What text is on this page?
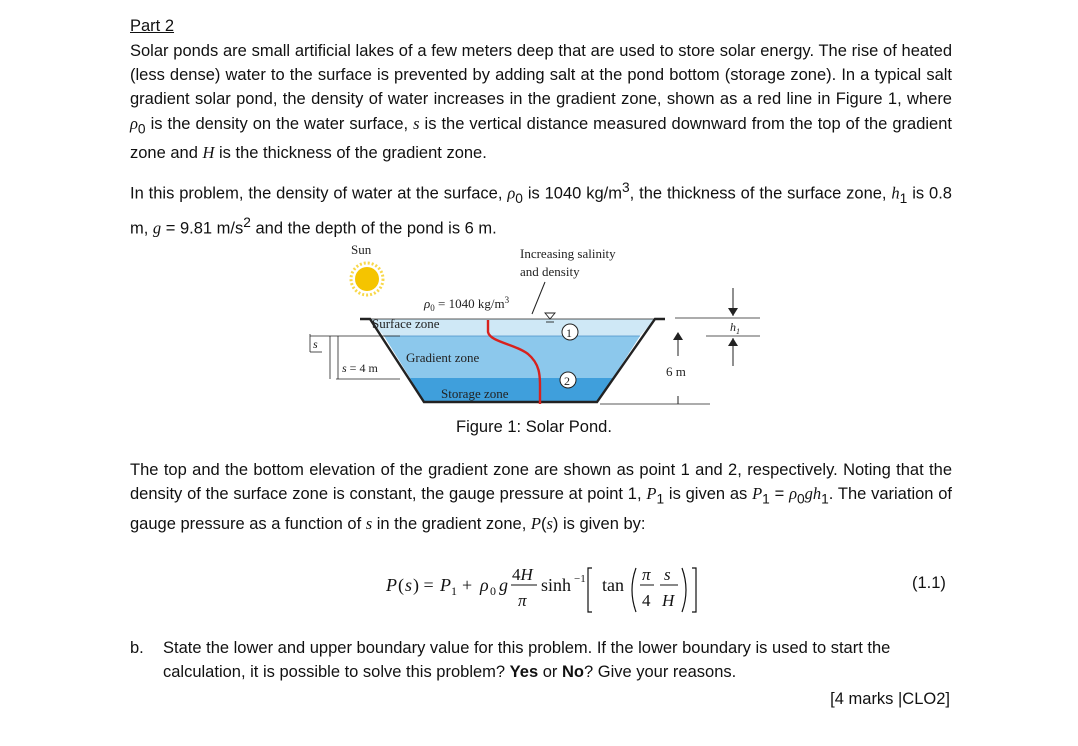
Part 2

Solar ponds are small artificial lakes of a few meters deep that are used to store solar energy. The rise of heated (less dense) water to the surface is prevented by adding salt at the pond bottom (storage zone). In a typical salt gradient solar pond, the density of water increases in the gradient zone, shown as a red line in Figure 1, where $\rho_0$ is the density on the water surface, s is the vertical distance measured downward from the top of the gradient zone and H is the thickness of the gradient zone.

In this problem, the density of water at the surface, $\rho_0$ is 1040 $kg/m^3$, the thickness of the surface zone, $h_1$ is 0.8 m, g = 9.81 $m/s^2$ and the depth of the pond is 6 m.

Sun	Increasing salinity
and density
$\rho_0 = 1040$ $kg/m^3$
Surface zone
Gradient zone
Storage zone
1
2
s
s = 4 m
$h_1$
6 m
Figure 1: Solar Pond.

The top and the bottom elevation of the gradient zone are shown as point 1 and 2, respectively. Noting that the density of the surface zone is constant, the gauge pressure at point 1, $P_1$ is given as $P_1 = \rho_0gh_1$. The variation of gauge pressure as a function of s in the gradient zone, P(s) is given by:

P ( s ) = P 1 + ρ 0 g
4H
π
sinh −1 tan
π
4
s
H
(1.1)
b. State the lower and upper boundary value for this problem. If the lower boundary is used to start the calculation, it is possible to solve this problem? Yes or No? Give your reasons.
[4 marks |CLO2]
